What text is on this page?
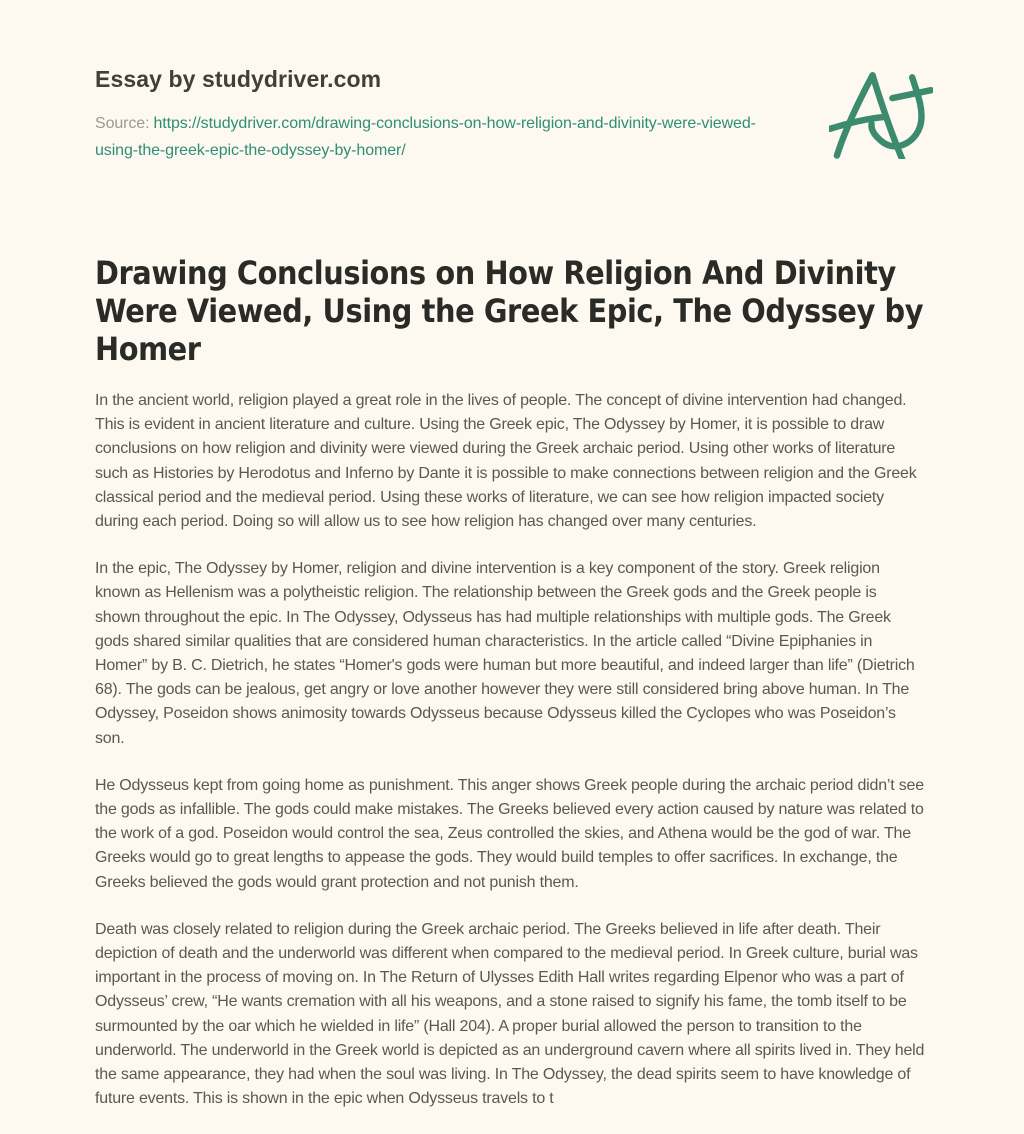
Essay by studydriver.com

Source: https://studydriver.com/drawing-conclusions-on-how-religion-and-divinity-were-viewed-using-the-greek-epic-the-odyssey-by-homer/

Drawing Conclusions on How Religion And Divinity Were Viewed, Using the Greek Epic, The Odyssey by Homer

In the ancient world, religion played a great role in the lives of people. The concept of divine intervention had changed. This is evident in ancient literature and culture. Using the Greek epic, The Odyssey by Homer, it is possible to draw conclusions on how religion and divinity were viewed during the Greek archaic period. Using other works of literature such as Histories by Herodotus and Inferno by Dante it is possible to make connections between religion and the Greek classical period and the medieval period. Using these works of literature, we can see how religion impacted society during each period. Doing so will allow us to see how religion has changed over many centuries.

In the epic, The Odyssey by Homer, religion and divine intervention is a key component of the story. Greek religion known as Hellenism was a polytheistic religion. The relationship between the Greek gods and the Greek people is shown throughout the epic. In The Odyssey, Odysseus has had multiple relationships with multiple gods. The Greek gods shared similar qualities that are considered human characteristics. In the article called “Divine Epiphanies in Homer” by B. C. Dietrich, he states “Homer's gods were human but more beautiful, and indeed larger than life” (Dietrich 68). The gods can be jealous, get angry or love another however they were still considered bring above human. In The Odyssey, Poseidon shows animosity towards Odysseus because Odysseus killed the Cyclopes who was Poseidon’s son.

He Odysseus kept from going home as punishment. This anger shows Greek people during the archaic period didn’t see the gods as infallible. The gods could make mistakes. The Greeks believed every action caused by nature was related to the work of a god. Poseidon would control the sea, Zeus controlled the skies, and Athena would be the god of war. The Greeks would go to great lengths to appease the gods. They would build temples to offer sacrifices. In exchange, the Greeks believed the gods would grant protection and not punish them.

Death was closely related to religion during the Greek archaic period. The Greeks believed in life after death. Their depiction of death and the underworld was different when compared to the medieval period. In Greek culture, burial was important in the process of moving on. In The Return of Ulysses Edith Hall writes regarding Elpenor who was a part of Odysseus’ crew, “He wants cremation with all his weapons, and a stone raised to signify his fame, the tomb itself to be surmounted by the oar which he wielded in life” (Hall 204). A proper burial allowed the person to transition to the underworld. The underworld in the Greek world is depicted as an underground cavern where all spirits lived in. They held the same appearance, they had when the soul was living. In The Odyssey, the dead spirits seem to have knowledge of future events. This is shown in the epic when Odysseus travels to t
